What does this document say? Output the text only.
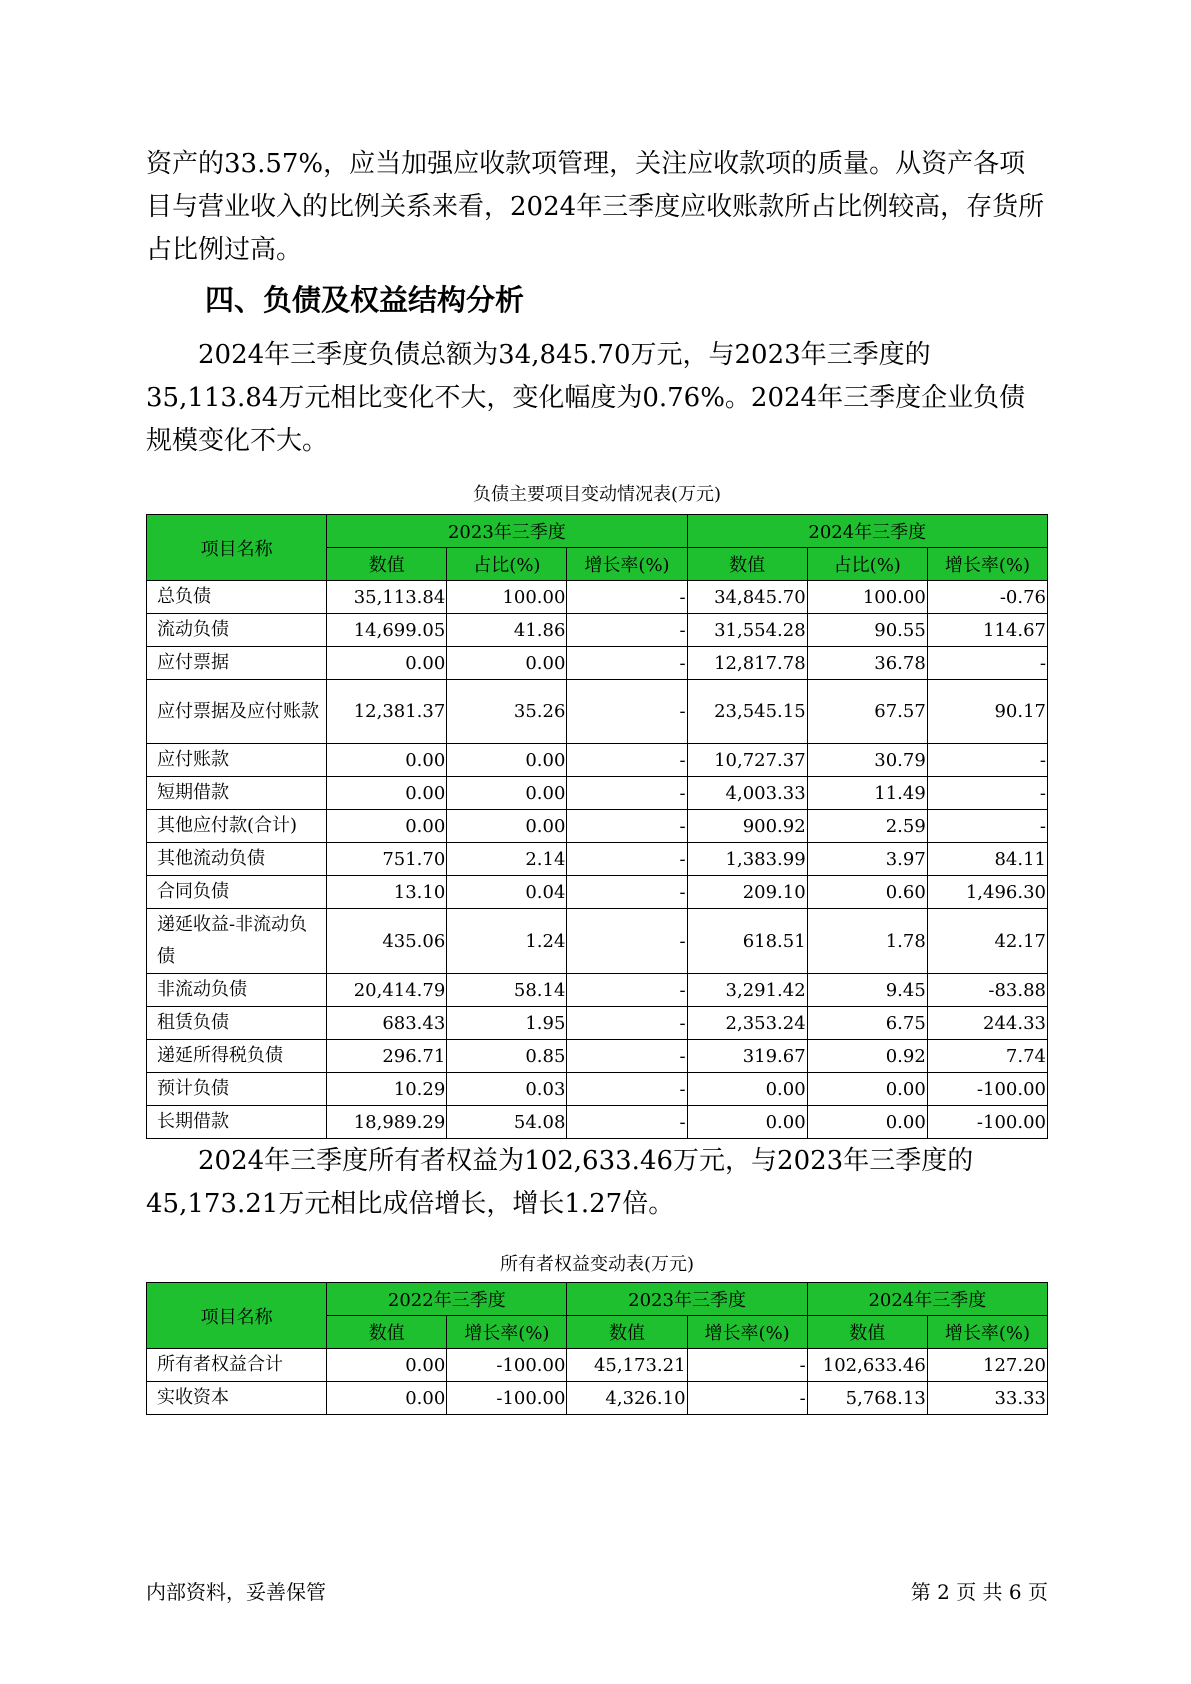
资产的33.57%，应当加强应收款项管理，关注应收款项的质量。从资产各项目与营业收入的比例关系来看，2024年三季度应收账款所占比例较高，存货所占比例过高。

四、负债及权益结构分析

2024年三季度负债总额为34,845.70万元，与2023年三季度的35,113.84万元相比变化不大，变化幅度为0.76%。2024年三季度企业负债规模变化不大。

负债主要项目变动情况表(万元)
项目名称	2023年三季度			2024年三季度		
	数值	占比(%)	增长率(%)	数值	占比(%)	增长率(%)
总负债	35,113.84	100.00	-	34,845.70	100.00	-0.76
流动负债	14,699.05	41.86	-	31,554.28	90.55	114.67
应付票据	0.00	0.00	-	12,817.78	36.78	-
应付票据及应付账款	12,381.37	35.26	-	23,545.15	67.57	90.17
应付账款	0.00	0.00	-	10,727.37	30.79	-
短期借款	0.00	0.00	-	4,003.33	11.49	-
其他应付款(合计)	0.00	0.00	-	900.92	2.59	-
其他流动负债	751.70	2.14	-	1,383.99	3.97	84.11
合同负债	13.10	0.04	-	209.10	0.60	1,496.30
递延收益-非流动负债	435.06	1.24	-	618.51	1.78	42.17
非流动负债	20,414.79	58.14	-	3,291.42	9.45	-83.88
租赁负债	683.43	1.95	-	2,353.24	6.75	244.33
递延所得税负债	296.71	0.85	-	319.67	0.92	7.74
预计负债	10.29	0.03	-	0.00	0.00	-100.00
长期借款	18,989.29	54.08	-	0.00	0.00	-100.00

2024年三季度所有者权益为102,633.46万元，与2023年三季度的45,173.21万元相比成倍增长，增长1.27倍。

所有者权益变动表(万元)
项目名称	2022年三季度		2023年三季度		2024年三季度	
	数值	增长率(%)	数值	增长率(%)	数值	增长率(%)
所有者权益合计	0.00	-100.00	45,173.21	-	102,633.46	127.20
实收资本	0.00	-100.00	4,326.10	-	5,768.13	33.33
内部资料，妥善保管	第 2 页 共 6 页
